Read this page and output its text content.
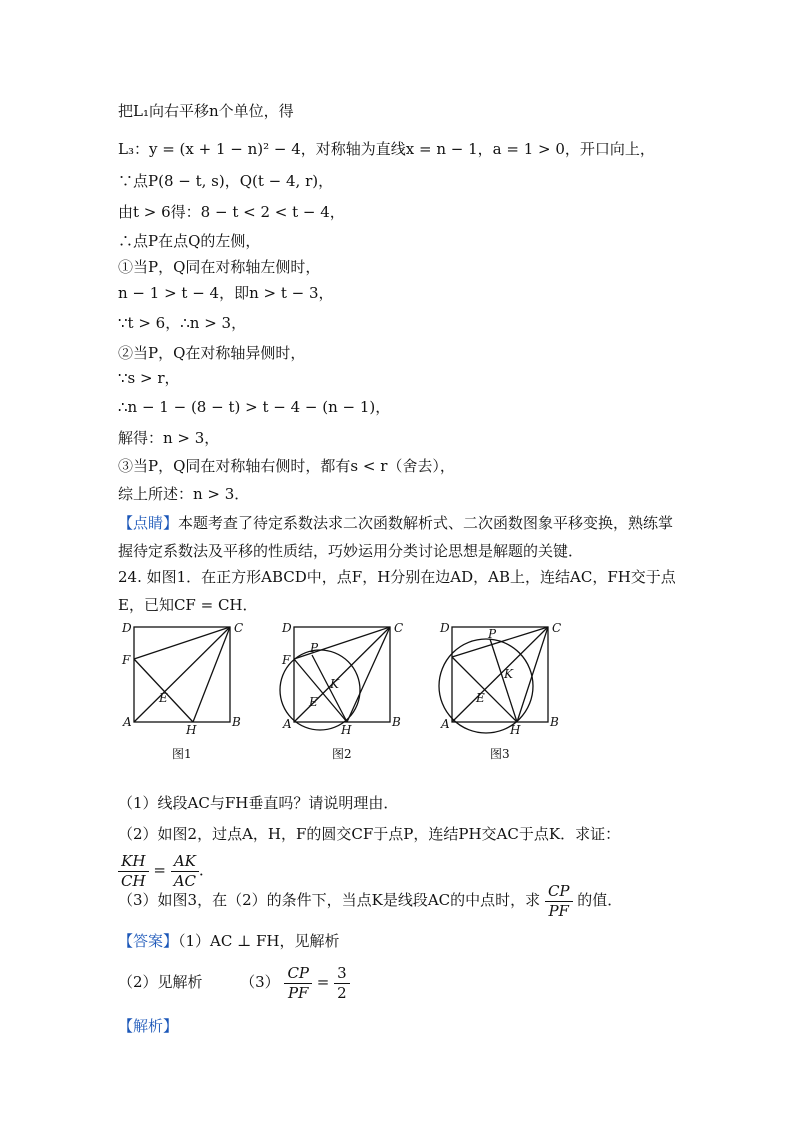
把L₁向右平移n个单位，得
L₃：y = (x + 1 − n)² − 4，对称轴为直线x = n − 1，a = 1 > 0，开口向上，
∵点P(8 − t, s)，Q(t − 4, r)，
由t > 6得：8 − t < 2 < t − 4，
∴点P在点Q的左侧，
①当P，Q同在对称轴左侧时，
n − 1 > t − 4，即n > t − 3，
∵t > 6，∴n > 3，
②当P，Q在对称轴异侧时，
∵s > r，
∴n − 1 − (8 − t) > t − 4 − (n − 1)，
解得：n > 3，
③当P，Q同在对称轴右侧时，都有s < r（舍去），
综上所述：n > 3．
【点睛】本题考查了待定系数法求二次函数解析式、二次函数图象平移变换，熟练掌握待定系数法及平移的性质结，巧妙运用分类讨论思想是解题的关键．
24. 如图1．在正方形ABCD中，点F，H分别在边AD，AB上，连结AC，FH交于点E，已知CF = CH．
D	C
F
E
A
H
B
图1
D	C
F
P
K
E
A	H
B
图2
D	C
P
K
E
A	H
B
图3
（1）线段AC与FH垂直吗？请说明理由．
（2）如图2，过点A，H，F的圆交CF于点P，连结PH交AC于点K．求证：
$\frac{KH}{CH} = \frac{AK}{AC}$ ．
（3）如图3，在（2）的条件下，当点K是线段AC的中点时，求 $\frac{CP}{PF}$ 的值．
【答案】（1）AC ⊥ FH，见解析
（2）见解析	$(3) \frac{CP}{PF} = \frac{3}{2}$
【解析】
